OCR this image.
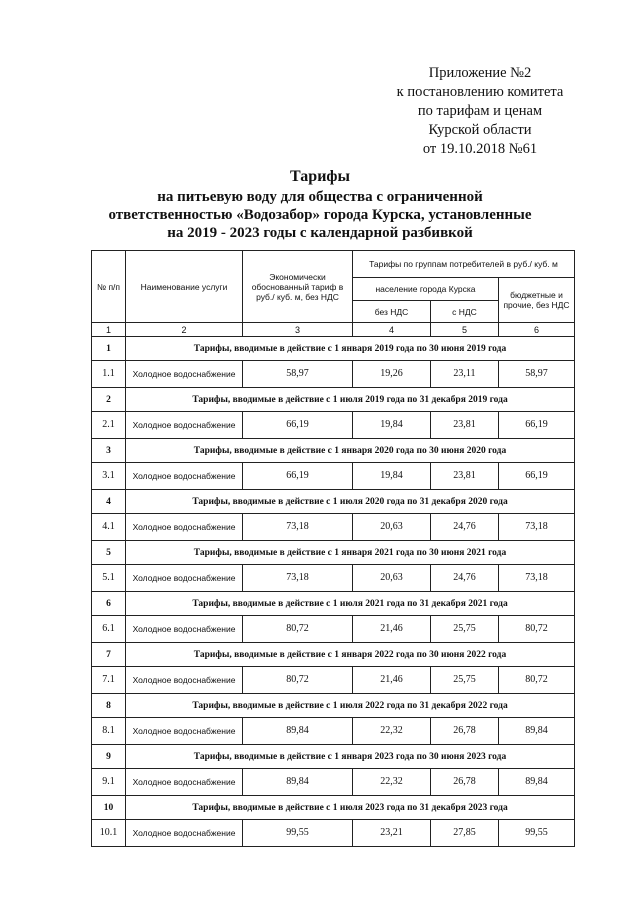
Приложение №2
к постановлению комитета
по тарифам и ценам
Курской области
от 19.10.2018 №61
Тарифы
на питьевую воду для общества с ограниченной
ответственностью «Водозабор» города Курска, установленные
на 2019 - 2023 годы с календарной разбивкой
№ п/п	Наименование услуги	Экономически обоснованный тариф в руб./ куб. м, без НДС	Тарифы по группам потребителей в руб./ куб. м		
			население города Курска		бюджетные и прочие, без НДС
			без НДС	с НДС	
1	2	3	4	5	6
1	Тарифы, вводимые в действие с 1 января 2019 года по 30 июня 2019 года				
1.1	Холодное водоснабжение	58,97	19,26	23,11	58,97
2	Тарифы, вводимые в действие с 1 июля 2019 года по 31 декабря 2019 года				
2.1	Холодное водоснабжение	66,19	19,84	23,81	66,19
3	Тарифы, вводимые в действие с 1 января 2020 года по 30 июня 2020 года				
3.1	Холодное водоснабжение	66,19	19,84	23,81	66,19
4	Тарифы, вводимые в действие с 1 июля 2020 года по 31 декабря 2020 года				
4.1	Холодное водоснабжение	73,18	20,63	24,76	73,18
5	Тарифы, вводимые в действие с 1 января 2021 года по 30 июня 2021 года				
5.1	Холодное водоснабжение	73,18	20,63	24,76	73,18
6	Тарифы, вводимые в действие с 1 июля 2021 года по 31 декабря 2021 года				
6.1	Холодное водоснабжение	80,72	21,46	25,75	80,72
7	Тарифы, вводимые в действие с 1 января 2022 года по 30 июня 2022 года				
7.1	Холодное водоснабжение	80,72	21,46	25,75	80,72
8	Тарифы, вводимые в действие с 1 июля 2022 года по 31 декабря 2022 года				
8.1	Холодное водоснабжение	89,84	22,32	26,78	89,84
9	Тарифы, вводимые в действие с 1 января 2023 года по 30 июня 2023 года				
9.1	Холодное водоснабжение	89,84	22,32	26,78	89,84
10	Тарифы, вводимые в действие с 1 июля 2023 года по 31 декабря 2023 года				
10.1	Холодное водоснабжение	99,55	23,21	27,85	99,55
